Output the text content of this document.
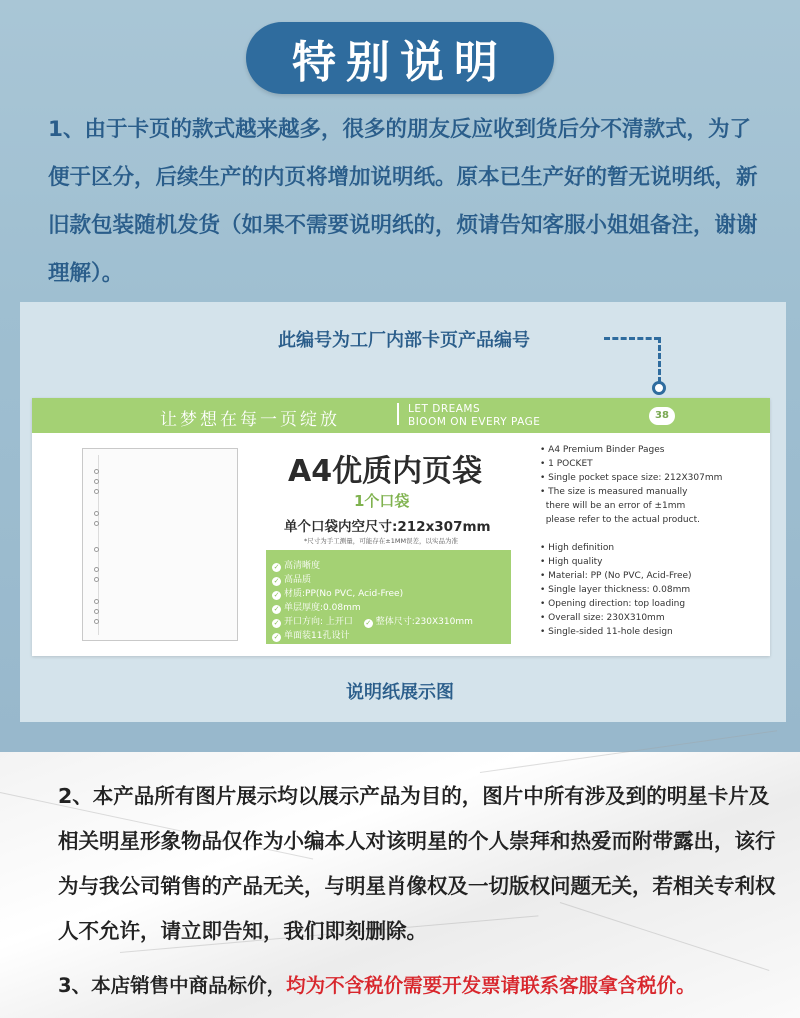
特别说明
1、由于卡页的款式越来越多，很多的朋友反应收到货后分不清款式，为了便于区分，后续生产的内页将增加说明纸。原本已生产好的暂无说明纸，新旧款包装随机发货（如果不需要说明纸的，烦请告知客服小姐姐备注，谢谢理解）。
此编号为工厂内部卡页产品编号
让梦想在每一页绽放
LET DREAMS
BIOOM ON EVERY PAGE
38
A4优质内页袋
1个口袋
单个口袋内空尺寸:212x307mm
*尺寸为手工测量，可能存在±1MM误差，以实品为准
✓ 高清晰度
✓ 高品质
✓ 材质:PP(No PVC, Acid-Free)
✓ 单层厚度:0.08mm
✓ 开口方向: 上开口 ✓ 整体尺寸:230X310mm
✓ 单面装11孔设计
• A4 Premium Binder Pages
• 1 POCKET
• Single pocket space size: 212X307mm
• The size is measured manually
there will be an error of ±1mm
please refer to the actual product.
• High definition
• High quality
• Material: PP (No PVC, Acid-Free)
• Single layer thickness: 0.08mm
• Opening direction: top loading
• Overall size: 230X310mm
• Single-sided 11-hole design
说明纸展示图
2、本产品所有图片展示均以展示产品为目的，图片中所有涉及到的明星卡片及相关明星形象物品仅作为小编本人对该明星的个人崇拜和热爱而附带露出，该行为与我公司销售的产品无关，与明星肖像权及一切版权问题无关，若相关专利权人不允许，请立即告知，我们即刻删除。
3、本店销售中商品标价，均为不含税价需要开发票请联系客服拿含税价。
